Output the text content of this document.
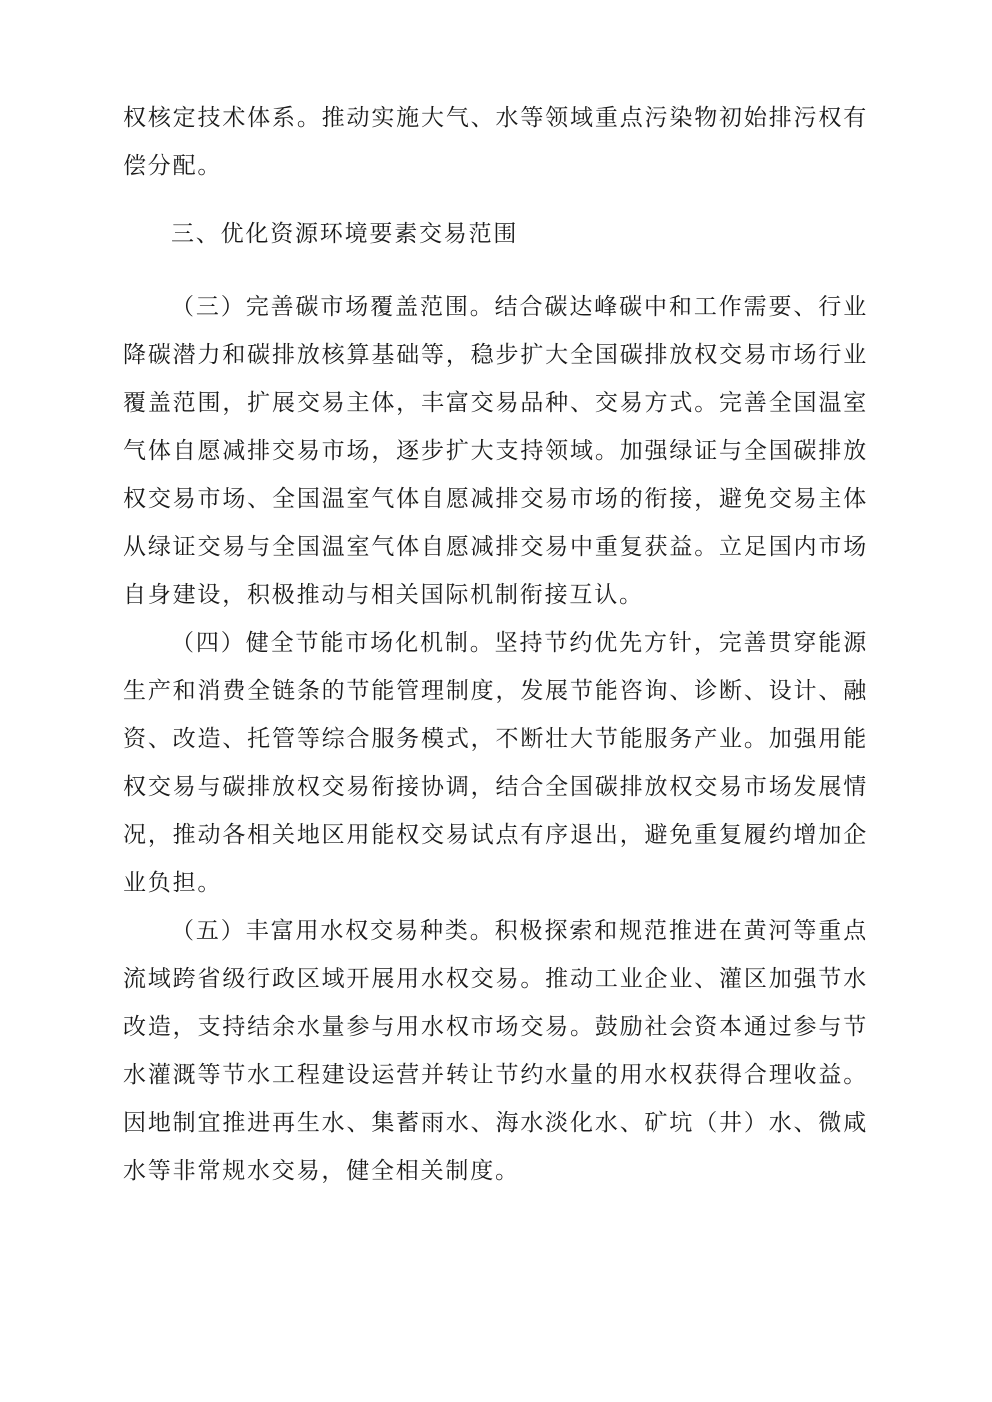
权核定技术体系。推动实施大气、水等领域重点污染物初始排污权有
偿分配。
三、优化资源环境要素交易范围
（三）完善碳市场覆盖范围。结合碳达峰碳中和工作需要、行业
降碳潜力和碳排放核算基础等，稳步扩大全国碳排放权交易市场行业
覆盖范围，扩展交易主体，丰富交易品种、交易方式。完善全国温室
气体自愿减排交易市场，逐步扩大支持领域。加强绿证与全国碳排放
权交易市场、全国温室气体自愿减排交易市场的衔接，避免交易主体
从绿证交易与全国温室气体自愿减排交易中重复获益。立足国内市场
自身建设，积极推动与相关国际机制衔接互认。
（四）健全节能市场化机制。坚持节约优先方针，完善贯穿能源
生产和消费全链条的节能管理制度，发展节能咨询、诊断、设计、融
资、改造、托管等综合服务模式，不断壮大节能服务产业。加强用能
权交易与碳排放权交易衔接协调，结合全国碳排放权交易市场发展情
况，推动各相关地区用能权交易试点有序退出，避免重复履约增加企
业负担。
（五）丰富用水权交易种类。积极探索和规范推进在黄河等重点
流域跨省级行政区域开展用水权交易。推动工业企业、灌区加强节水
改造，支持结余水量参与用水权市场交易。鼓励社会资本通过参与节
水灌溉等节水工程建设运营并转让节约水量的用水权获得合理收益。
因地制宜推进再生水、集蓄雨水、海水淡化水、矿坑（井）水、微咸
水等非常规水交易，健全相关制度。
